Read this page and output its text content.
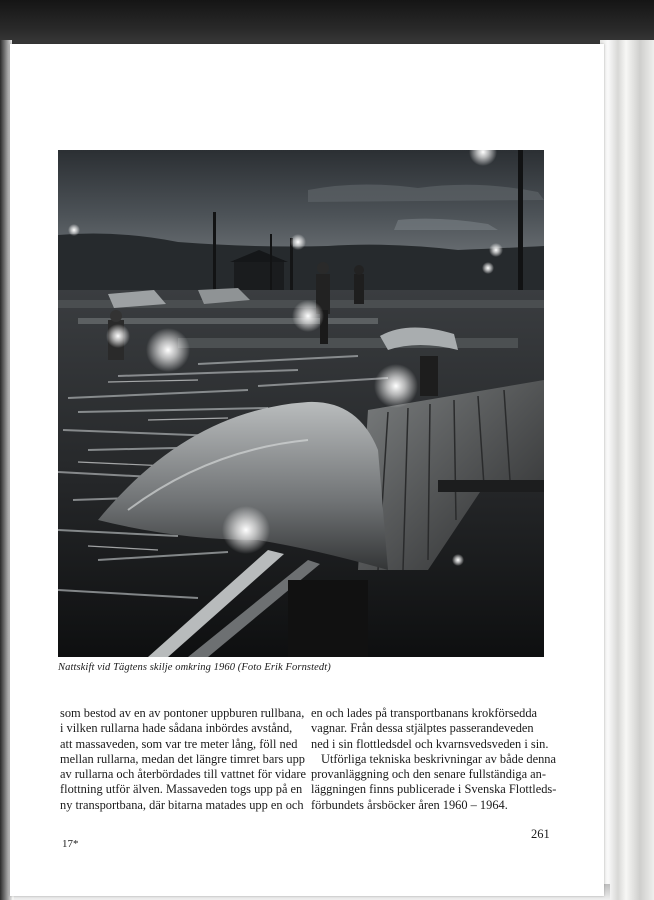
Nattskift vid Tägtens skilje omkring 1960 (Foto Erik Fornstedt)
som bestod av en av pontoner uppburen rullbana,
i vilken rullarna hade sådana inbördes avstånd,
att massaveden, som var tre meter lång, föll ned
mellan rullarna, medan det längre timret bars upp
av rullarna och återbördades till vattnet för vidare
flottning utför älven. Massaveden togs upp på en
ny transportbana, där bitarna matades upp en och
en och lades på transportbanans krokförsedda
vagnar. Från dessa stjälptes passerandeveden
ned i sin flottledsdel och kvarnsvedsveden i sin.
Utförliga tekniska beskrivningar av både denna
provanläggning och den senare fullständiga an-
läggningen finns publicerade i Svenska Flottleds-
förbundets årsböcker åren 1960 – 1964.
17*
261
